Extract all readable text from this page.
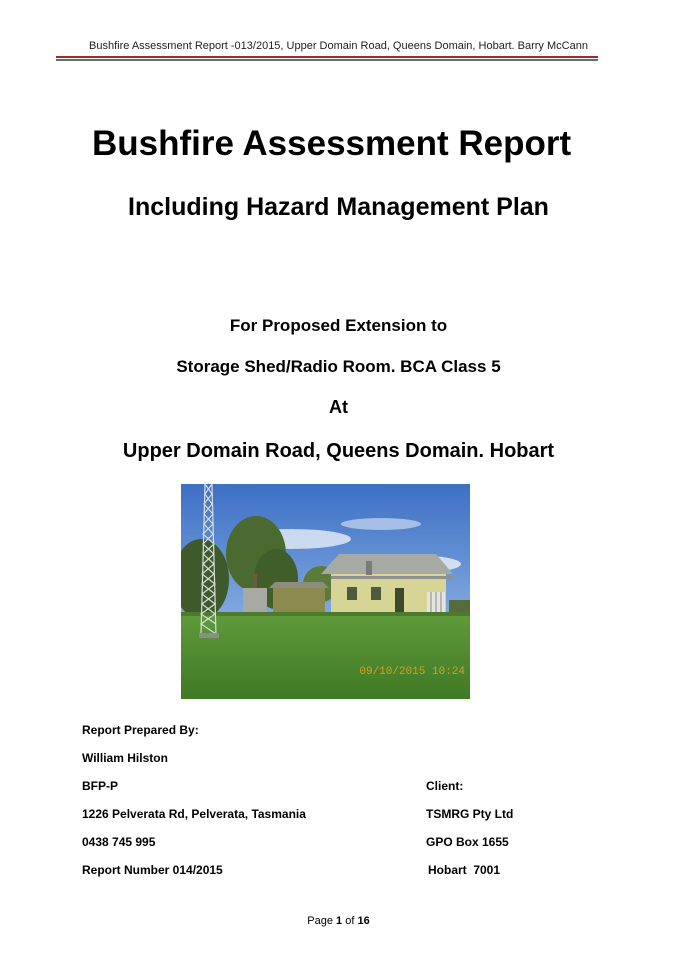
Bushfire Assessment Report -013/2015, Upper Domain Road, Queens Domain, Hobart. Barry McCann
Bushfire Assessment Report
Including Hazard Management Plan
For Proposed Extension to
Storage Shed/Radio Room. BCA Class 5
At
Upper Domain Road, Queens Domain. Hobart
09/10/2015 10:24
Report Prepared By:
William Hilston
BFP-P
1226 Pelverata Rd, Pelverata, Tasmania
0438 745 995
Report Number 014/2015
Client:
TSMRG Pty Ltd
GPO Box 1655
Hobart  7001
Page 1 of 16
